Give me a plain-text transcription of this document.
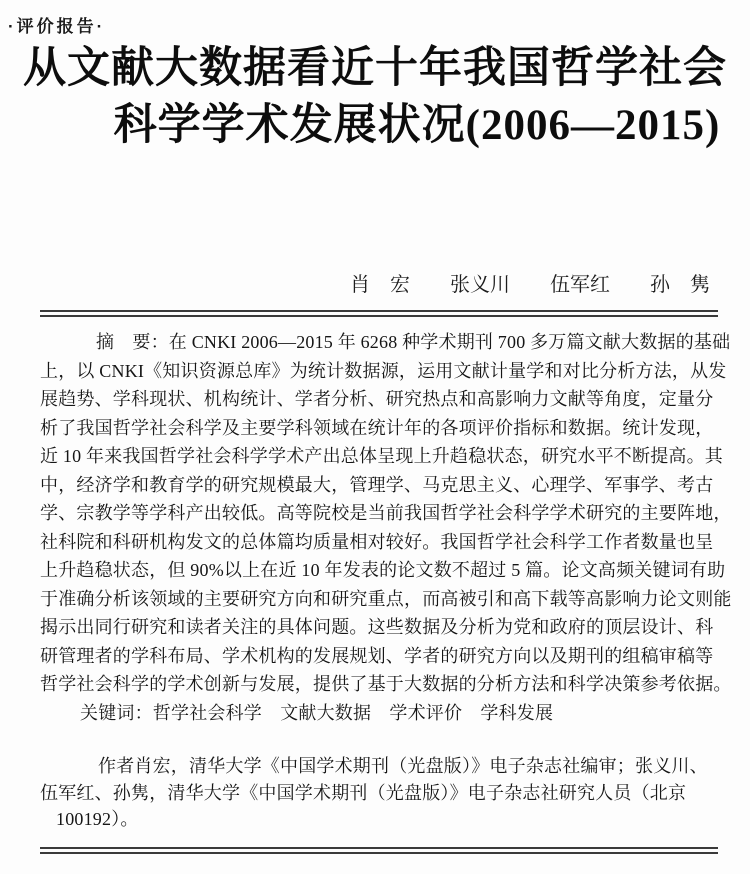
·评价报告·
从文献大数据看近十年我国哲学社会
科学学术发展状况(2006—2015)
肖　宏　　张义川　　伍军红　　孙　隽
摘　要：在 CNKI 2006—2015 年 6268 种学术期刊 700 多万篇文献大数据的基础
上，以 CNKI《知识资源总库》为统计数据源，运用文献计量学和对比分析方法，从发
展趋势、学科现状、机构统计、学者分析、研究热点和高影响力文献等角度，定量分
析了我国哲学社会科学及主要学科领域在统计年的各项评价指标和数据。统计发现，
近 10 年来我国哲学社会科学学术产出总体呈现上升趋稳状态，研究水平不断提高。其
中，经济学和教育学的研究规模最大，管理学、马克思主义、心理学、军事学、考古
学、宗教学等学科产出较低。高等院校是当前我国哲学社会科学学术研究的主要阵地，
社科院和科研机构发文的总体篇均质量相对较好。我国哲学社会科学工作者数量也呈
上升趋稳状态，但 90%以上在近 10 年发表的论文数不超过 5 篇。论文高频关键词有助
于准确分析该领域的主要研究方向和研究重点，而高被引和高下载等高影响力论文则能
揭示出同行研究和读者关注的具体问题。这些数据及分析为党和政府的顶层设计、科
研管理者的学科布局、学术机构的发展规划、学者的研究方向以及期刊的组稿审稿等
哲学社会科学的学术创新与发展，提供了基于大数据的分析方法和科学决策参考依据。
关键词：哲学社会科学　文献大数据　学术评价　学科发展
作者肖宏，清华大学《中国学术期刊（光盘版）》电子杂志社编审；张义川、
伍军红、孙隽，清华大学《中国学术期刊（光盘版）》电子杂志社研究人员（北京
100192）。
